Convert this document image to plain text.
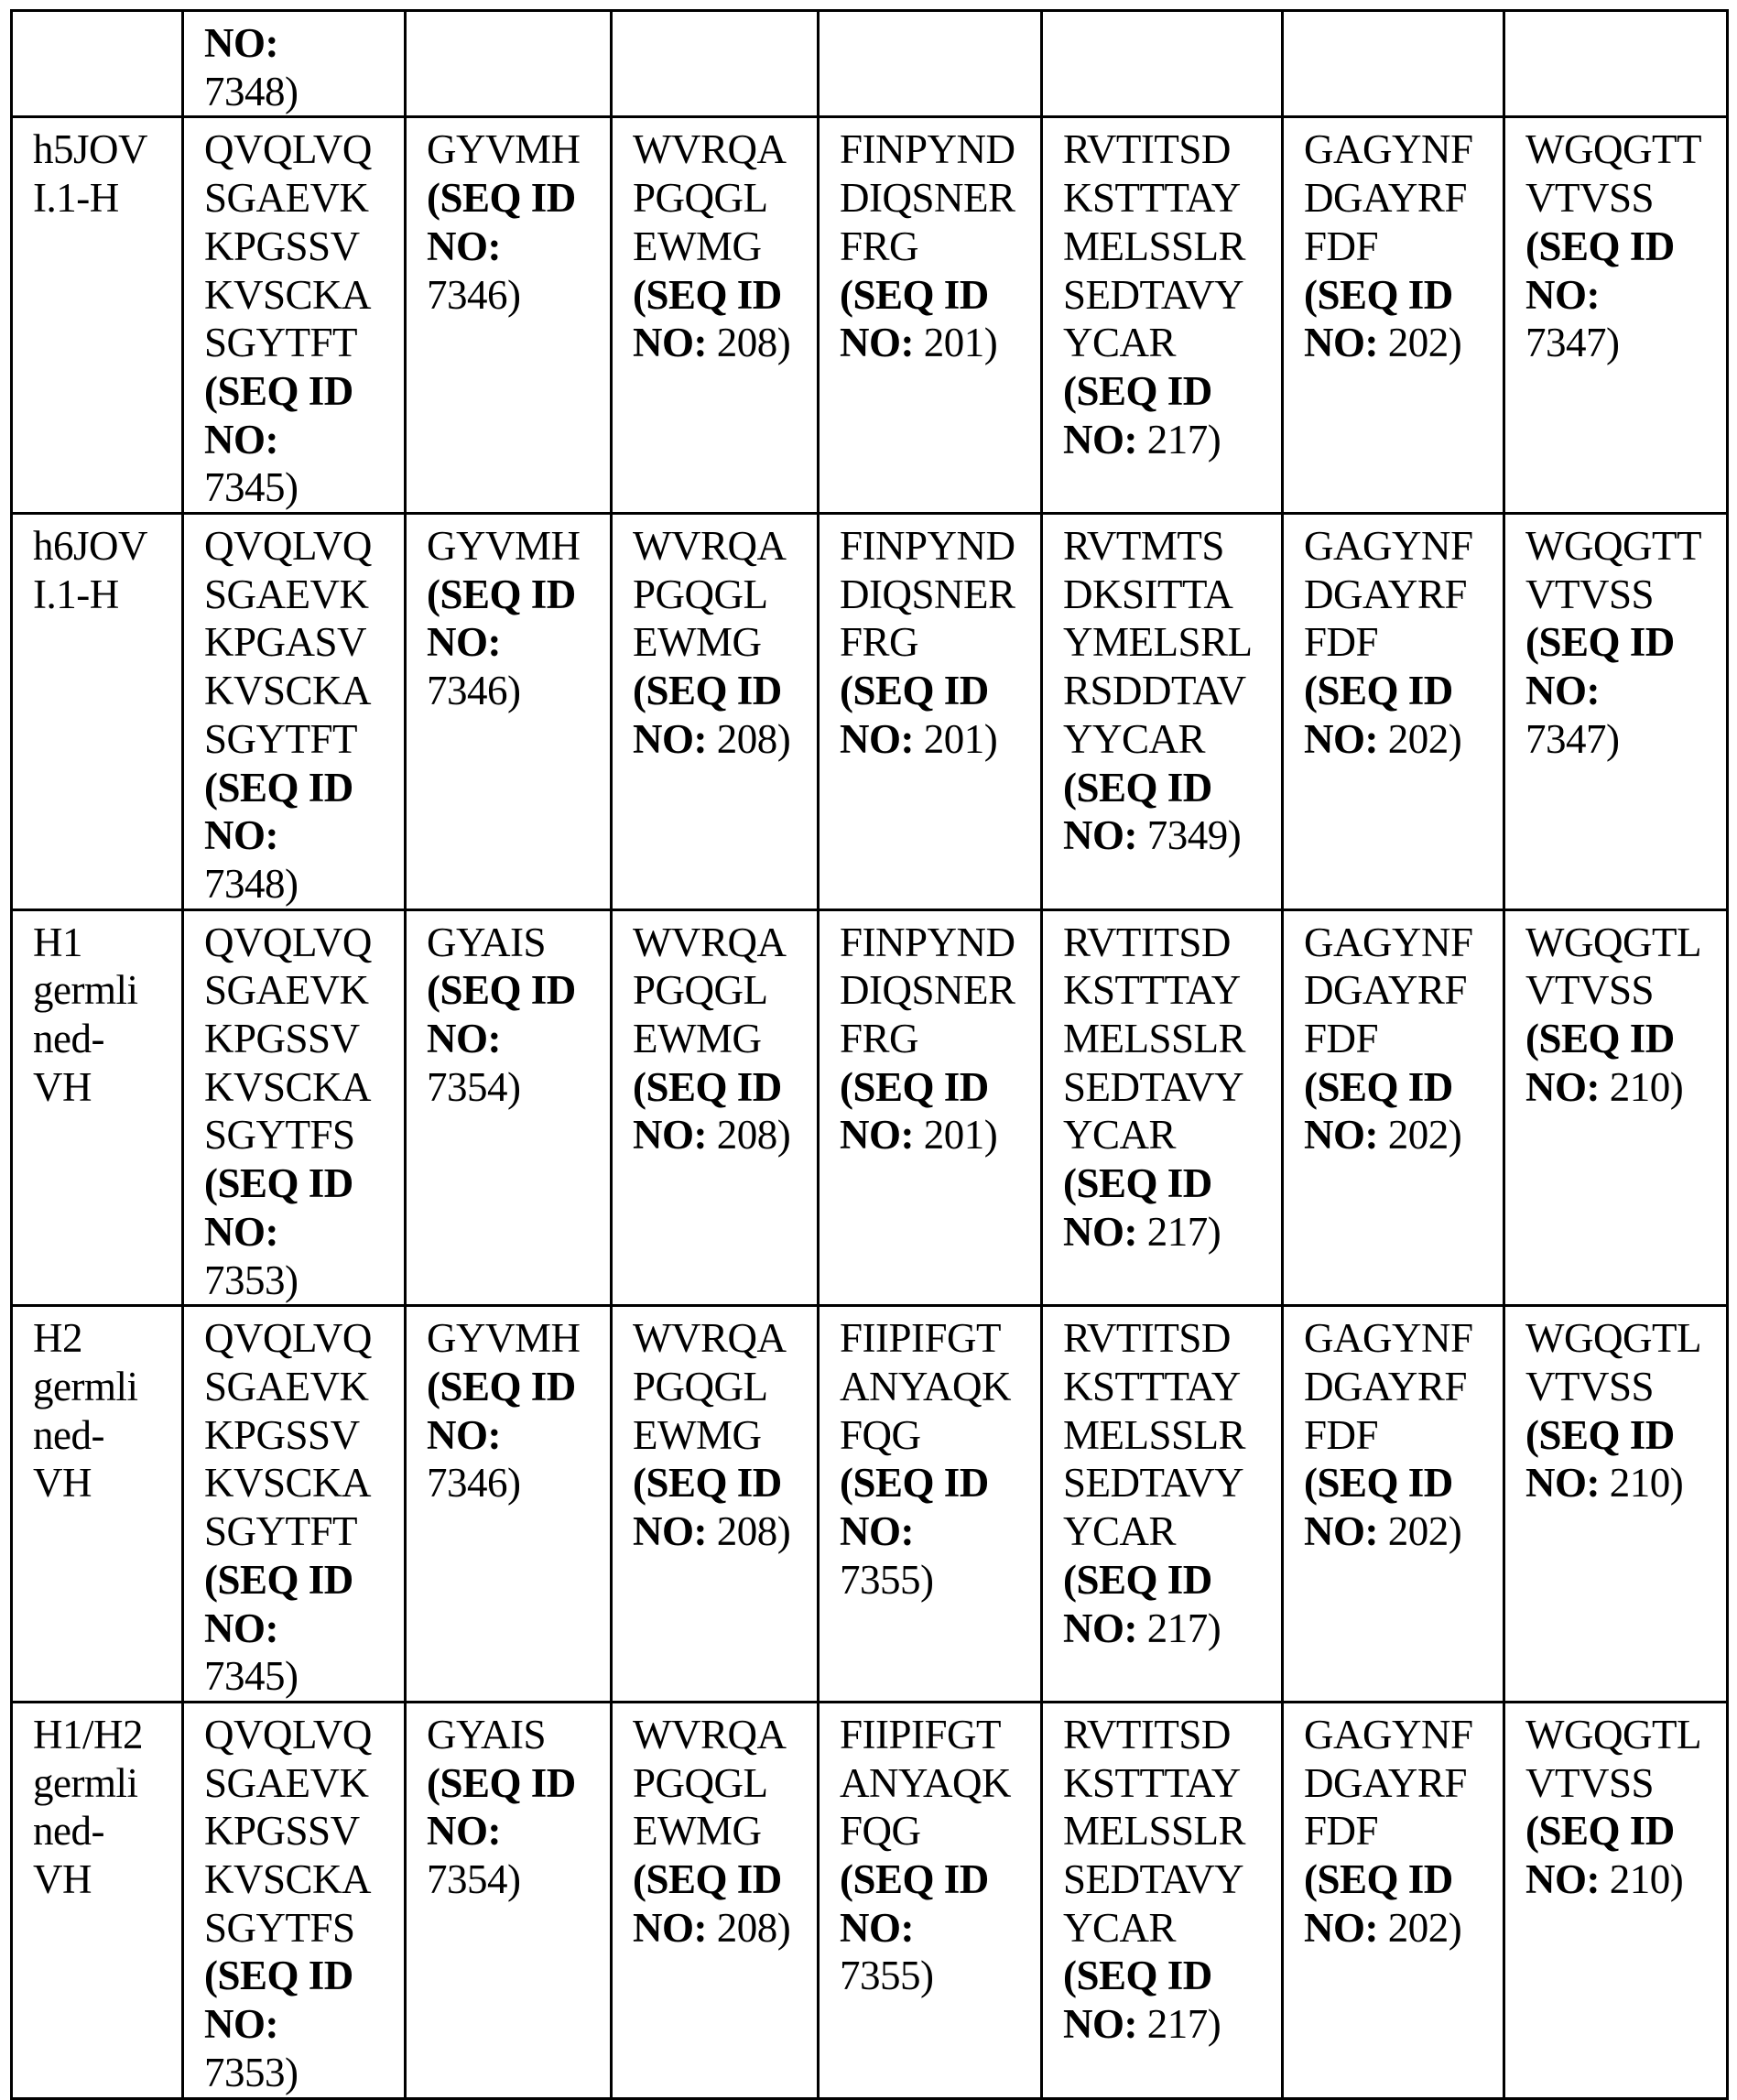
NO:
7348)

h5JOV
I.1-H

QVQLVQ
SGAEVK
KPGSSV
KVSCKA
SGYTFT
(SEQ ID
NO:
7345)

GYVMH
(SEQ ID
NO:
7346)

WVRQA
PGQGL
EWMG
(SEQ ID
NO: 208)

FINPYND
DIQSNER
FRG
(SEQ ID
NO: 201)

RVTITSD
KSTTTAY
MELSSLR
SEDTAVY
YCAR
(SEQ ID
NO: 217)

GAGYNF
DGAYRF
FDF
(SEQ ID
NO: 202)

WGQGTT
VTVSS
(SEQ ID
NO:
7347)

h6JOV
I.1-H

QVQLVQ
SGAEVK
KPGASV
KVSCKA
SGYTFT
(SEQ ID
NO:
7348)

GYVMH
(SEQ ID
NO:
7346)

WVRQA
PGQGL
EWMG
(SEQ ID
NO: 208)

FINPYND
DIQSNER
FRG
(SEQ ID
NO: 201)

RVTMTS
DKSITTA
YMELSRL
RSDDTAV
YYCAR
(SEQ ID
NO: 7349)

GAGYNF
DGAYRF
FDF
(SEQ ID
NO: 202)

WGQGTT
VTVSS
(SEQ ID
NO:
7347)

H1
germli
ned-
VH

QVQLVQ
SGAEVK
KPGSSV
KVSCKA
SGYTFS
(SEQ ID
NO:
7353)

GYAIS
(SEQ ID
NO:
7354)

WVRQA
PGQGL
EWMG
(SEQ ID
NO: 208)

FINPYND
DIQSNER
FRG
(SEQ ID
NO: 201)

RVTITSD
KSTTTAY
MELSSLR
SEDTAVY
YCAR
(SEQ ID
NO: 217)

GAGYNF
DGAYRF
FDF
(SEQ ID
NO: 202)

WGQGTL
VTVSS
(SEQ ID
NO: 210)

H2
germli
ned-
VH

QVQLVQ
SGAEVK
KPGSSV
KVSCKA
SGYTFT
(SEQ ID
NO:
7345)

GYVMH
(SEQ ID
NO:
7346)

WVRQA
PGQGL
EWMG
(SEQ ID
NO: 208)

FIIPIFGT
ANYAQK
FQG
(SEQ ID
NO:
7355)

RVTITSD
KSTTTAY
MELSSLR
SEDTAVY
YCAR
(SEQ ID
NO: 217)

GAGYNF
DGAYRF
FDF
(SEQ ID
NO: 202)

WGQGTL
VTVSS
(SEQ ID
NO: 210)

H1/H2
germli
ned-
VH

QVQLVQ
SGAEVK
KPGSSV
KVSCKA
SGYTFS
(SEQ ID
NO:
7353)

GYAIS
(SEQ ID
NO:
7354)

WVRQA
PGQGL
EWMG
(SEQ ID
NO: 208)

FIIPIFGT
ANYAQK
FQG
(SEQ ID
NO:
7355)

RVTITSD
KSTTTAY
MELSSLR
SEDTAVY
YCAR
(SEQ ID
NO: 217)

GAGYNF
DGAYRF
FDF
(SEQ ID
NO: 202)

WGQGTL
VTVSS
(SEQ ID
NO: 210)
